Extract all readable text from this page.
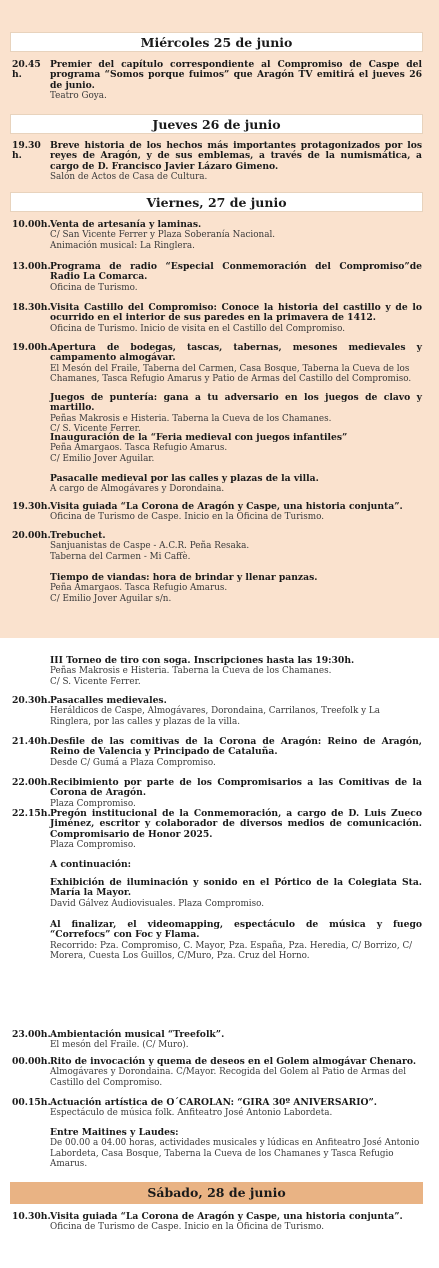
Miércoles 25 de junio
20.45 h.
Premier del capítulo correspondiente al Compromiso de Caspe del programa “Somos porque fuimos” que Aragón TV emitirá el jueves 26 de junio.
Teatro Goya.
Jueves 26 de junio
19.30 h.
Breve historia de los hechos más importantes protagonizados por los reyes de Aragón, y de sus emblemas, a través de la numismática, a cargo de D. Francisco Javier Lázaro Gimeno.
Salón de Actos de Casa de Cultura.
Viernes, 27 de junio
10.00h. Venta de artesanía y laminas.
C/ San Vicente Ferrer y Plaza Soberanía Nacional.
Animación musical: La Ringlera.
13.00h. Programa de radio “Especial Conmemoración del Compromiso”de Radio La Comarca.
Oficina de Turismo.
18.30h. Visita Castillo del Compromiso: Conoce la historia del castillo y de lo ocurrido en el interior de sus paredes en la primavera de 1412.
Oficina de Turismo. Inicio de visita en el Castillo del Compromiso.
19.00h. Apertura de bodegas, tascas, tabernas, mesones medievales y campamento almogávar.
El Mesón del Fraile, Taberna del Carmen, Casa Bosque, Taberna la Cueva de los Chamanes, Tasca Refugio Amarus y Patio de Armas del Castillo del Compromiso.
Juegos de puntería: gana a tu adversario en los juegos de clavo y martillo.
Peñas Makrosis e Histeria. Taberna la Cueva de los Chamanes.
C/ S. Vicente Ferrer.
Inauguración de la “Feria medieval con juegos infantiles”
Peña Amargaos. Tasca Refugio Amarus.
C/ Emilio Jover Aguilar.
Pasacalle medieval por las calles y plazas de la villa.
A cargo de Almogávares y Dorondaina.
19.30h. Visita guiada “La Corona de Aragón y Caspe, una historia conjunta”.
Oficina de Turismo de Caspe. Inicio en la Oficina de Turismo.
20.00h. Trebuchet.
Sanjuanistas de Caspe - A.C.R. Peña Resaka.
Taberna del Carmen - Mi Caffè.
Tiempo de viandas: hora de brindar y llenar panzas.
Peña Amargaos. Tasca Refugio Amarus.
C/ Emilio Jover Aguilar s/n.
III Torneo de tiro con soga. Inscripciones hasta las 19:30h.
Peñas Makrosis e Histeria. Taberna la Cueva de los Chamanes.
C/ S. Vicente Ferrer.
20.30h. Pasacalles medievales.
Heráldicos de Caspe, Almogávares, Dorondaina, Carrilanos, Treefolk y La Ringlera, por las calles y plazas de la villa.
21.40h. Desfile de las comitivas de la Corona de Aragón: Reino de Aragón, Reino de Valencia y Principado de Cataluña.
Desde C/ Gumá a Plaza Compromiso.
22.00h. Recibimiento por parte de los Compromisarios a las Comitivas de la Corona de Aragón.
Plaza Compromiso.
22.15h. Pregón institucional de la Conmemoración, a cargo de D. Luis Zueco Jiménez, escritor y colaborador de diversos medios de comunicación. Compromisario de Honor 2025.
Plaza Compromiso.
A continuación:
Exhibición de iluminación y sonido en el Pórtico de la Colegiata Sta. María la Mayor.
David Gálvez Audiovisuales. Plaza Compromiso.
Al finalizar, el videomapping, espectáculo de música y fuego “Correfocs” con Foc y Flama.
Recorrido: Pza. Compromiso, C. Mayor, Pza. España, Pza. Heredia, C/ Borrizo, C/ Morera, Cuesta Los Guillos, C/Muro, Pza. Cruz del Horno.
23.00h. Ambientación musical “Treefolk”.
El mesón del Fraile. (C/ Muro).
00.00h. Rito de invocación y quema de deseos en el Golem almogávar Chenaro.
Almogávares y Dorondaina. C/Mayor. Recogida del Golem al Patio de Armas del Castillo del Compromiso.
00.15h. Actuación artística de O´CAROLAN: “GIRA 30º ANIVERSARIO”.
Espectáculo de música folk. Anfiteatro José Antonio Labordeta.
Entre Maitines y Laudes:
De 00.00 a 04.00 horas, actividades musicales y lúdicas en Anfiteatro José Antonio Labordeta, Casa Bosque, Taberna la Cueva de los Chamanes y Tasca Refugio Amarus.
Sábado, 28 de junio
10.30h. Visita guiada “La Corona de Aragón y Caspe, una historia conjunta”.
Oficina de Turismo de Caspe. Inicio en la Oficina de Turismo.
